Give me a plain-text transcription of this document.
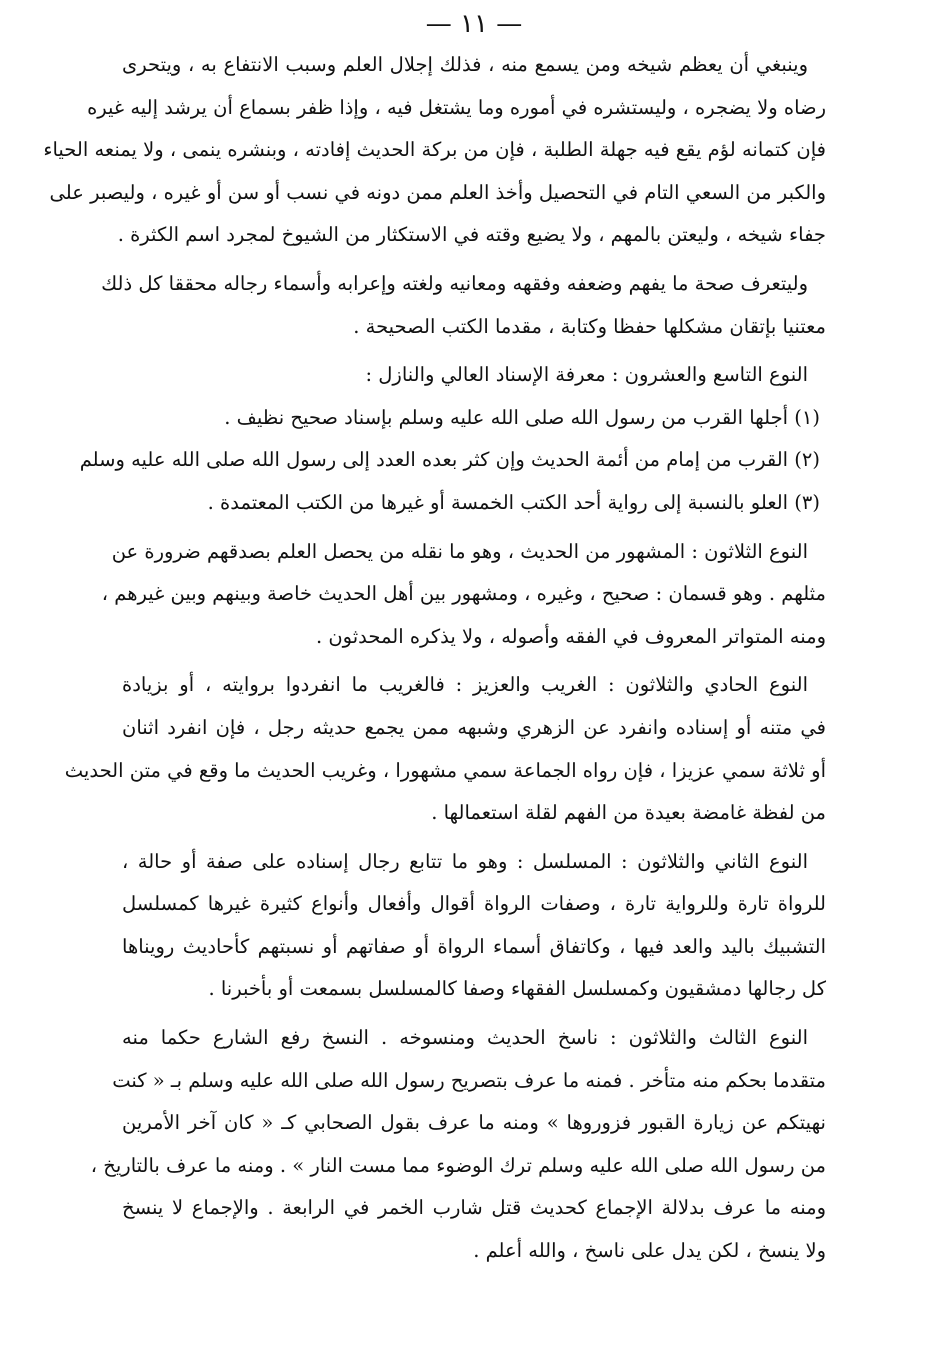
— ١١ —
وينبغي أن يعظم شيخه ومن يسمع منه ، فذلك إجلال العلم وسبب الانتفاع به ، ويتحرى
رضاه ولا يضجره ، وليستشره في أموره وما يشتغل فيه ، وإذا ظفر بسماع أن يرشد إليه غيره
فإن كتمانه لؤم يقع فيه جهلة الطلبة ، فإن من بركة الحديث إفادته ، وبنشره ينمى ، ولا يمنعه الحياء
والكبر من السعي التام في التحصيل وأخذ العلم ممن دونه في نسب أو سن أو غيره ، وليصبر على
جفاء شيخه ، وليعتن بالمهم ، ولا يضيع وقته في الاستكثار من الشيوخ لمجرد اسم الكثرة .
وليتعرف صحة ما يفهم وضعفه وفقهه ومعانيه ولغته وإعرابه وأسماء رجاله محققا كل ذلك
معتنيا بإتقان مشكلها حفظا وكتابة ، مقدما الكتب الصحيحة .
النوع التاسع والعشرون : معرفة الإسناد العالي والنازل :
(١) أجلها القرب من رسول الله صلى الله عليه وسلم بإسناد صحيح نظيف .
(٢) القرب من إمام من أئمة الحديث وإن كثر بعده العدد إلى رسول الله صلى الله عليه وسلم
(٣) العلو بالنسبة إلى رواية أحد الكتب الخمسة أو غيرها من الكتب المعتمدة .
النوع الثلاثون : المشهور من الحديث ، وهو ما نقله من يحصل العلم بصدقهم ضرورة عن
مثلهم . وهو قسمان : صحيح ، وغيره ، ومشهور بين أهل الحديث خاصة وبينهم وبين غيرهم ،
ومنه المتواتر المعروف في الفقه وأصوله ، ولا يذكره المحدثون .
النوع الحادي والثلاثون : الغريب والعزيز : فالغريب ما انفردوا بروايته ، أو بزيادة
في متنه أو إسناده وانفرد عن الزهري وشبهه ممن يجمع حديثه رجل ، فإن انفرد اثنان
أو ثلاثة سمي عزيزا ، فإن رواه الجماعة سمي مشهورا ، وغريب الحديث ما وقع في متن الحديث
من لفظة غامضة بعيدة من الفهم لقلة استعمالها .
النوع الثاني والثلاثون : المسلسل : وهو ما تتابع رجال إسناده على صفة أو حالة ،
للرواة تارة وللرواية تارة ، وصفات الرواة أقوال وأفعال وأنواع كثيرة غيرها كمسلسل
التشبيك باليد والعد فيها ، وكاتفاق أسماء الرواة أو صفاتهم أو نسبتهم كأحاديث رويناها
كل رجالها دمشقيون وكمسلسل الفقهاء وصفا كالمسلسل بسمعت أو بأخبرنا .
النوع الثالث والثلاثون : ناسخ الحديث ومنسوخه . النسخ رفع الشارع حكما منه
متقدما بحكم منه متأخر . فمنه ما عرف بتصريح رسول الله صلى الله عليه وسلم بـ « كنت
نهيتكم عن زيارة القبور فزوروها » ومنه ما عرف بقول الصحابي كـ « كان آخر الأمرين
من رسول الله صلى الله عليه وسلم ترك الوضوء مما مست النار » . ومنه ما عرف بالتاريخ ،
ومنه ما عرف بدلالة الإجماع كحديث قتل شارب الخمر في الرابعة . والإجماع لا ينسخ
ولا ينسخ ، لكن يدل على ناسخ ، والله أعلم .
